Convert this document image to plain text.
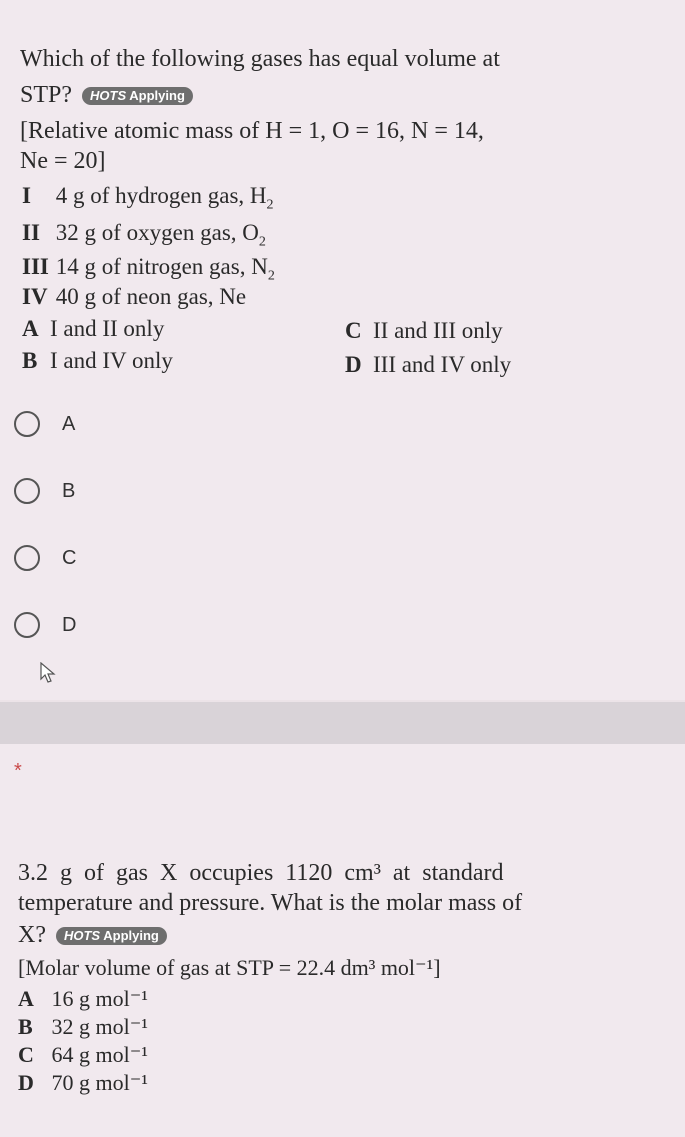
Which of the following gases has equal volume at

STP? HOTS Applying

[Relative atomic mass of H = 1, O = 16, N = 14,

Ne = 20]

I 4 g of hydrogen gas, $H_2$
II 32 g of oxygen gas, $O_2$
III 14 g of nitrogen gas, $N_2$
IV 40 g of neon gas, Ne
A I and II only	C II and III only
B I and IV only	D III and IV only
A
B
C
D
*

3.2 g of gas X occupies 1120 cm³ at standard

temperature and pressure. What is the molar mass of

X? HOTS Applying

[Molar volume of gas at STP = 22.4 dm³ mol⁻¹]

A 16 g mol⁻¹
B 32 g mol⁻¹
C 64 g mol⁻¹
D 70 g mol⁻¹
